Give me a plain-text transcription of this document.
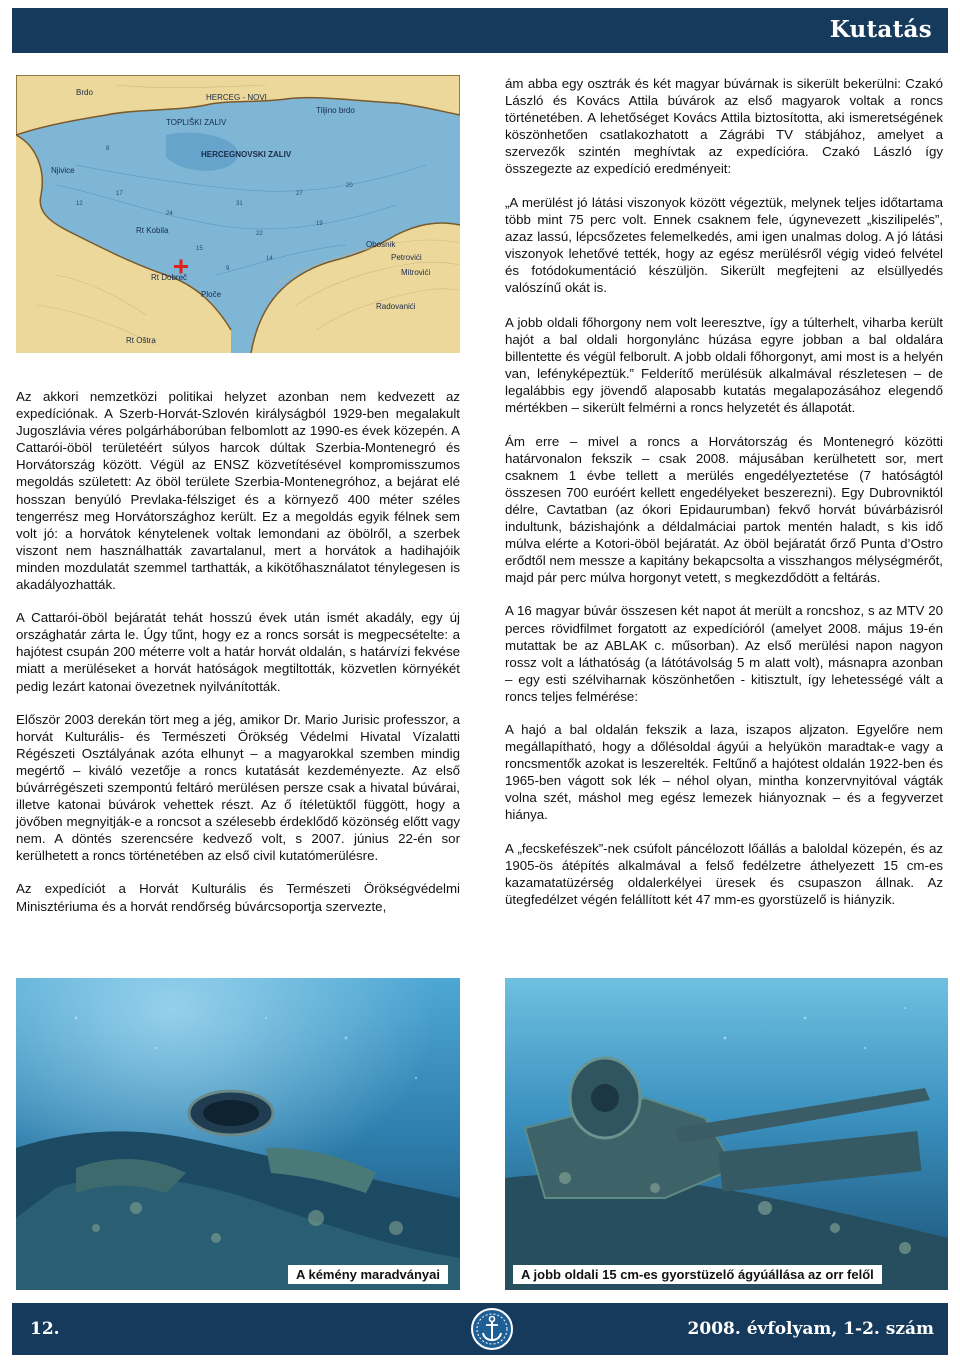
Kutatás
HERCEG - NOVI
TOPLIŠKI ZALIV
Tiljino brdo
HERCEGNOVSKI ZALIV
Njivice
Rt Kobila
Rt Dobreč
Ploče
Rt Oštra
Obosnik
Petrovići
Mitrovići
Radovanići
Brdo
12
17
24
31
27
20
15
22
19
9
14
8

ám abba egy osztrák és két magyar búvárnak is sikerült bekerülni: Czakó László és Kovács Attila búvárok az első magyarok voltak a roncs történetében. A lehetőséget Kovács Attila biztosította, aki ismeretségének köszönhetően csatlakozhatott a Zágrábi TV stábjához, amelyet a szervezők szintén meghívtak az expedícióra. Czakó László így összegezte az expedíció eredményeit:

„A merülést jó látási viszonyok között végeztük, melynek teljes időtartama több mint 75 perc volt. Ennek csaknem fele, úgynevezett „kiszilipelés”, azaz lassú, lépcsőzetes felemelkedés, ami igen unalmas dolog. A jó látási viszonyok lehetővé tették, hogy az egész merülésről végig videó felvétel és fotódokumentáció készüljön. Sikerült megfejteni az elsüllyedés valószínű okát is.

A jobb oldali főhorgony nem volt leeresztve, így a túlterhelt, viharba került hajót a bal oldali horgonylánc húzása egyre jobban a bal oldalára billentette és végül felborult. A jobb oldali főhorgonyt, ami most is a helyén van, lefényképeztük.” Felderítő merülésük alkalmával részletesen – de legalábbis egy jövendő alaposabb kutatás megalapozásához elegendő mértékben – sikerült felmérni a roncs helyzetét és állapotát.

Ám erre – mivel a roncs a Horvátország és Montenegró közötti határvonalon fekszik – csak 2008. májusában kerülhetett sor, mert csaknem 1 évbe tellett a merülés engedélyeztetése (7 hatóságtól összesen 700 euróért kellett engedélyeket beszerezni). Egy Dubrovniktól délre, Cavtatban (az ókori Epidaurumban) fekvő horvát búvárbázisról indultunk, bázishajónk a déldalmáciai partok mentén haladt, s kis idő múlva elérte a Kotori-öböl bejáratát. Az öböl bejáratát őrző Punta d’Ostro erődtől nem messze a kapitány bekapcsolta a visszhangos mélységmérőt, majd pár perc múlva horgonyt vetett, s megkezdődött a feltárás.

A 16 magyar búvár összesen két napot át merült a roncshoz, s az MTV 20 perces rövidfilmet forgatott az expedícióról (amelyet 2008. május 19-én mutattak be az ABLAK c. műsorban). Az első merülési napon nagyon rossz volt a láthatóság (a látótávolság 5 m alatt volt), másnapra azonban – egy esti szélviharnak köszönhetően - kitisztult, így lehetességé vált a roncs teljes felmérése:

A hajó a bal oldalán fekszik a laza, iszapos aljzaton. Egyelőre nem megállapítható, hogy a dőlésoldal ágyúi a helyükön maradtak-e vagy a roncsmentők azokat is leszerelték. Feltűnő a hajótest oldalán 1922-ben és 1965-ben vágott sok lék – néhol olyan, mintha konzervnyitóval vágták volna szét, máshol meg egész lemezek hiányoznak – és a fegyverzet hiánya.

A „fecskefészek”-nek csúfolt páncélozott lőállás a baloldal közepén, és az 1905-ös átépítés alkalmával a felső fedélzetre áthelyezett 15 cm-es kazamatatüzérség oldalerkélyei üresek és csupaszon állnak. Az ütegfedélzet végén felállított két 47 mm-es gyorstüzelő is hiányzik.

Az akkori nemzetközi politikai helyzet azonban nem kedvezett az expedíciónak. A Szerb-Horvát-Szlovén királyságból 1929-ben megalakult Jugoszlávia véres polgárháborúban felbomlott az 1990-es évek közepén. A Cattarói-öböl területéért súlyos harcok dúltak Szerbia-Montenegró és Horvátország között. Végül az ENSZ közvetítésével kompromisszumos megoldás született: Az öböl területe Szerbia-Montenegróhoz, a bejárat elé hosszan benyúló Prevlaka-félsziget és a környező 400 méter széles tengerrész meg Horvátországhoz került. Ez a megoldás egyik félnek sem volt jó: a horvátok kénytelenek voltak lemondani az öbölről, a szerbek viszont nem használhatták zavartalanul, mert a horvátok a hadihajóik minden mozdulatát szemmel tarthatták, a kikötőhasználatot ténylegesen is akadályozhatták.

A Cattarói-öböl bejáratát tehát hosszú évek után ismét akadály, egy új országhatár zárta le. Úgy tűnt, hogy ez a roncs sorsát is megpecsételte: a hajótest csupán 200 méterre volt a határ horvát oldalán, s határvízi fekvése miatt a merüléseket a horvát hatóságok megtiltották, közvetlen környékét pedig lezárt katonai övezetnek nyilvánították.

Először 2003 derekán tört meg a jég, amikor Dr. Mario Jurisic professzor, a horvát Kulturális- és Természeti Örökség Védelmi Hivatal Vízalatti Régészeti Osztályának azóta elhunyt – a magyarokkal szemben mindig megértő – kiváló vezetője a roncs kutatását kezdeményezte. Az első búvárrégészeti szempontú feltáró merülésen persze csak a hivatal búvárai, illetve katonai búvárok vehettek részt. Az ő ítéletüktől függött, hogy a jövőben megnyitják-e a roncsot a szélesebb érdeklődő közönség előtt vagy nem. A döntés szerencsére kedvező volt, s 2007. június 22-én sor kerülhetett a roncs történetében az első civil kutatómerülésre.

Az expedíciót a Horvát Kulturális és Természeti Örökségvédelmi Minisztériuma és a horvát rendőrség búvárcsoportja szervezte,

A kémény maradványai	A jobb oldali 15 cm-es gyorstüzelő ágyúállása az orr felől
12.	2008. évfolyam, 1-2. szám
